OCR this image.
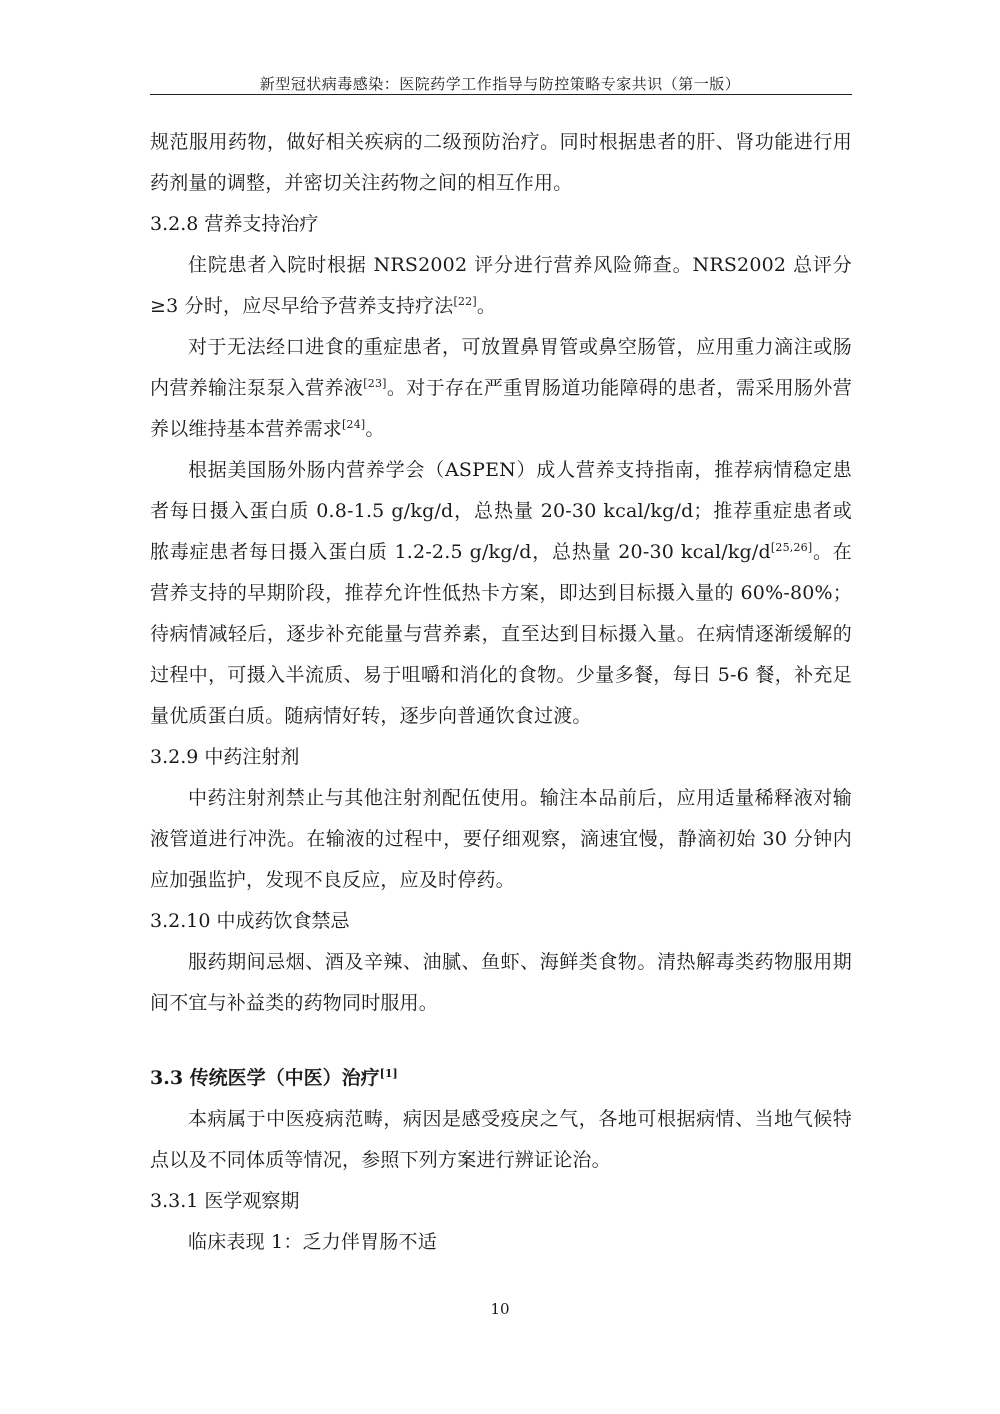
新型冠状病毒感染：医院药学工作指导与防控策略专家共识（第一版）

规范服用药物，做好相关疾病的二级预防治疗。同时根据患者的肝、肾功能进行用药剂量的调整，并密切关注药物之间的相互作用。

3.2.8 营养支持治疗

住院患者入院时根据 NRS2002 评分进行营养风险筛查。NRS2002 总评分≥3 分时，应尽早给予营养支持疗法[22]。

对于无法经口进食的重症患者，可放置鼻胃管或鼻空肠管，应用重力滴注或肠内营养输注泵泵入营养液[23]。对于存在严重胃肠道功能障碍的患者，需采用肠外营养以维持基本营养需求[24]。

根据美国肠外肠内营养学会（ASPEN）成人营养支持指南，推荐病情稳定患者每日摄入蛋白质 0.8-1.5 g/kg/d，总热量 20-30 kcal/kg/d；推荐重症患者或脓毒症患者每日摄入蛋白质 1.2-2.5 g/kg/d，总热量 20-30 kcal/kg/d[25,26]。在营养支持的早期阶段，推荐允许性低热卡方案，即达到目标摄入量的 60%-80%；待病情减轻后，逐步补充能量与营养素，直至达到目标摄入量。在病情逐渐缓解的过程中，可摄入半流质、易于咀嚼和消化的食物。少量多餐，每日 5-6 餐，补充足量优质蛋白质。随病情好转，逐步向普通饮食过渡。

3.2.9 中药注射剂

中药注射剂禁止与其他注射剂配伍使用。输注本品前后，应用适量稀释液对输液管道进行冲洗。在输液的过程中，要仔细观察，滴速宜慢，静滴初始 30 分钟内应加强监护，发现不良反应，应及时停药。

3.2.10 中成药饮食禁忌

服药期间忌烟、酒及辛辣、油腻、鱼虾、海鲜类食物。清热解毒类药物服用期间不宜与补益类的药物同时服用。

3.3 传统医学（中医）治疗[1]

本病属于中医疫病范畴，病因是感受疫戾之气，各地可根据病情、当地气候特点以及不同体质等情况，参照下列方案进行辨证论治。

3.3.1 医学观察期

临床表现 1：乏力伴胃肠不适

10
